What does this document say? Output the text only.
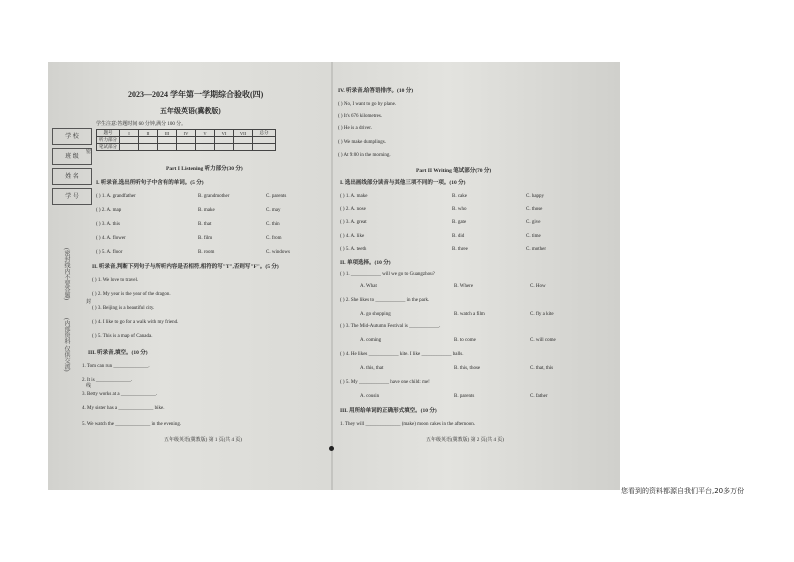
学 校
班 级
姓 名
学 号
(密封线内不要答题)
(内部资料 仅供交流)
密
封
线
2023—2024 学年第一学期综合验收(四)
五年级英语(冀教版)
学生注意:答题时间 60 分钟,满分 100 分。
题号	I	II	III	IV	V	VI	VII	总分
听力部分								
笔试部分								
Part I Listening 听力部分(30 分)
I. 听录音,选出所听句子中含有的单词。(5 分)
( ) 1. A. grandfather	B. grandmother	C. parents
( ) 2. A. map	B. make	C. may
( ) 3. A. this	B. that	C. thin
( ) 4. A. flower	B. film	C. from
( ) 5. A. floor	B. room	C. windows
II. 听录音,判断下列句子与所听内容是否相符,相符的写"T",否则写"F"。(5 分)
( ) 1. We love to travel.
( ) 2. My year is the year of the dragon.
( ) 3. Beijing is a beautiful city.
( ) 4. I like to go for a walk with my friend.
( ) 5. This is a map of Canada.
III. 听录音,填空。(10 分)
1. Tom can run ______________.
2. It is ______________.
3. Betty works at a ______________.
4. My sister has a ______________ bike.
5. We watch the ______________ in the evening.
五年级英语(冀教版) 第 1 页(共 4 页)
IV. 听录音,给答语排序。(10 分)
( ) No, I want to go by plane.
( ) It's 676 kilometres.
( ) He is a driver.
( ) We make dumplings.
( ) At 9:00 in the morning.
Part II Writing 笔试部分(70 分)
I. 选出画线部分读音与其他三项不同的一项。(10 分)
( ) 1. A. make	B. cake	C. happy
( ) 2. A. nose	B. who	C. those
( ) 3. A. great	B. gate	C. give
( ) 4. A. like	B. did	C. time
( ) 5. A. teeth	B. three	C. mother
II. 单项选择。(10 分)
( ) 1. ____________ will we go to Guangzhou?
A. What	B. Where	C. How
( ) 2. She likes to ____________ in the park.
A. go shopping	B. watch a film	C. fly a kite
( ) 3. The Mid-Autumn Festival is ____________.
A. coming	B. to come	C. will come
( ) 4. He likes ____________ kite. I like ____________ balls.
A. this, that	B. this, those	C. that, this
( ) 5. My ____________ have one child: me!
A. cousin	B. parents	C. father
III. 用所给单词的正确形式填空。(10 分)
1. They will ______________ (make) moon cakes in the afternoon.
五年级英语(冀教版) 第 2 页(共 4 页)
您看到的资料都源自我们平台,20多万份
